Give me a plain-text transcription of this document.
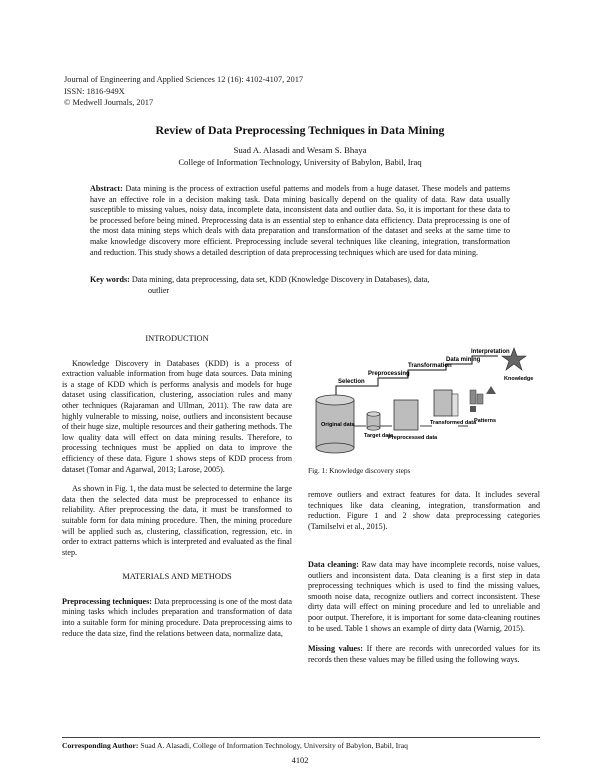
Journal of Engineering and Applied Sciences 12 (16): 4102-4107, 2017
ISSN: 1816-949X
© Medwell Journals, 2017
Review of Data Preprocessing Techniques in Data Mining
Suad A. Alasadi and Wesam S. Bhaya
College of Information Technology, University of Babylon, Babil, Iraq
Abstract: Data mining is the process of extraction useful patterns and models from a huge dataset. These models and patterns have an effective role in a decision making task. Data mining basically depend on the quality of data. Raw data usually susceptible to missing values, noisy data, incomplete data, inconsistent data and outlier data. So, it is important for these data to be processed before being mined. Preprocessing data is an essential step to enhance data efficiency. Data preprocessing is one of the most data mining steps which deals with data preparation and transformation of the dataset and seeks at the same time to make knowledge discovery more efficient. Preprocessing include several techniques like cleaning, integration, transformation and reduction. This study shows a detailed description of data preprocessing techniques which are used for data mining.
Key words: Data mining, data preprocessing, data set, KDD (Knowledge Discovery in Databases), data,
outlier
INTRODUCTION

Knowledge Discovery in Databases (KDD) is a process of extraction valuable information from huge data sources. Data mining is a stage of KDD which is performs analysis and models for huge dataset using classification, clustering, association rules and many other techniques (Rajaraman and Ullman, 2011). The raw data are highly vulnerable to missing, noise, outliers and inconsistent because of their huge size, multiple resources and their gathering methods. The low quality data will effect on data mining results. Therefore, to processing techniques must be applied on data to improve the efficiency of these data. Figure 1 shows steps of KDD process from dataset (Tomar and Agarwal, 2013; Larose, 2005).

As shown in Fig. 1, the data must be selected to determine the large data then the selected data must be preprocessed to enhance its reliability. After preprocessing the data, it must be transformed to suitable form for data mining procedure. Then, the mining procedure will be applied such as, clustering, classification, regression, etc. in order to extract patterns which is interpreted and evaluated as the final step.

MATERIALS AND METHODS

Preprocessing techniques: Data preprocessing is one of the most data mining tasks which includes preparation and transformation of data into a suitable form for mining procedure. Data preprocessing aims to reduce the data size, find the relations between data, normalize data,

Interpretation
Data mining
Transformation
Preprocessing
Selection
Original data
Target data
Preprocessed data
Transformed data
Patterns
Knowledge
Fig. 1: Knowledge discovery steps

remove outliers and extract features for data. It includes several techniques like data cleaning, integration, transformation and reduction. Figure 1 and 2 show data preprocessing categories (Tamilselvi et al., 2015).

Data cleaning: Raw data may have incomplete records, noise values, outliers and inconsistent data. Data cleaning is a first step in data preprocessing techniques which is used to find the missing values, smooth noise data, recognize outliers and correct inconsistent. These dirty data will effect on mining procedure and led to unreliable and poor output. Therefore, it is important for some data-cleaning routines to be used. Table 1 shows an example of dirty data (Warnig, 2015).

Missing values: If there are records with unrecorded values for its records then these values may be filled using the following ways.

Corresponding Author: Suad A. Alasadi, College of Information Technology, University of Babylon, Babil, Iraq
4102
